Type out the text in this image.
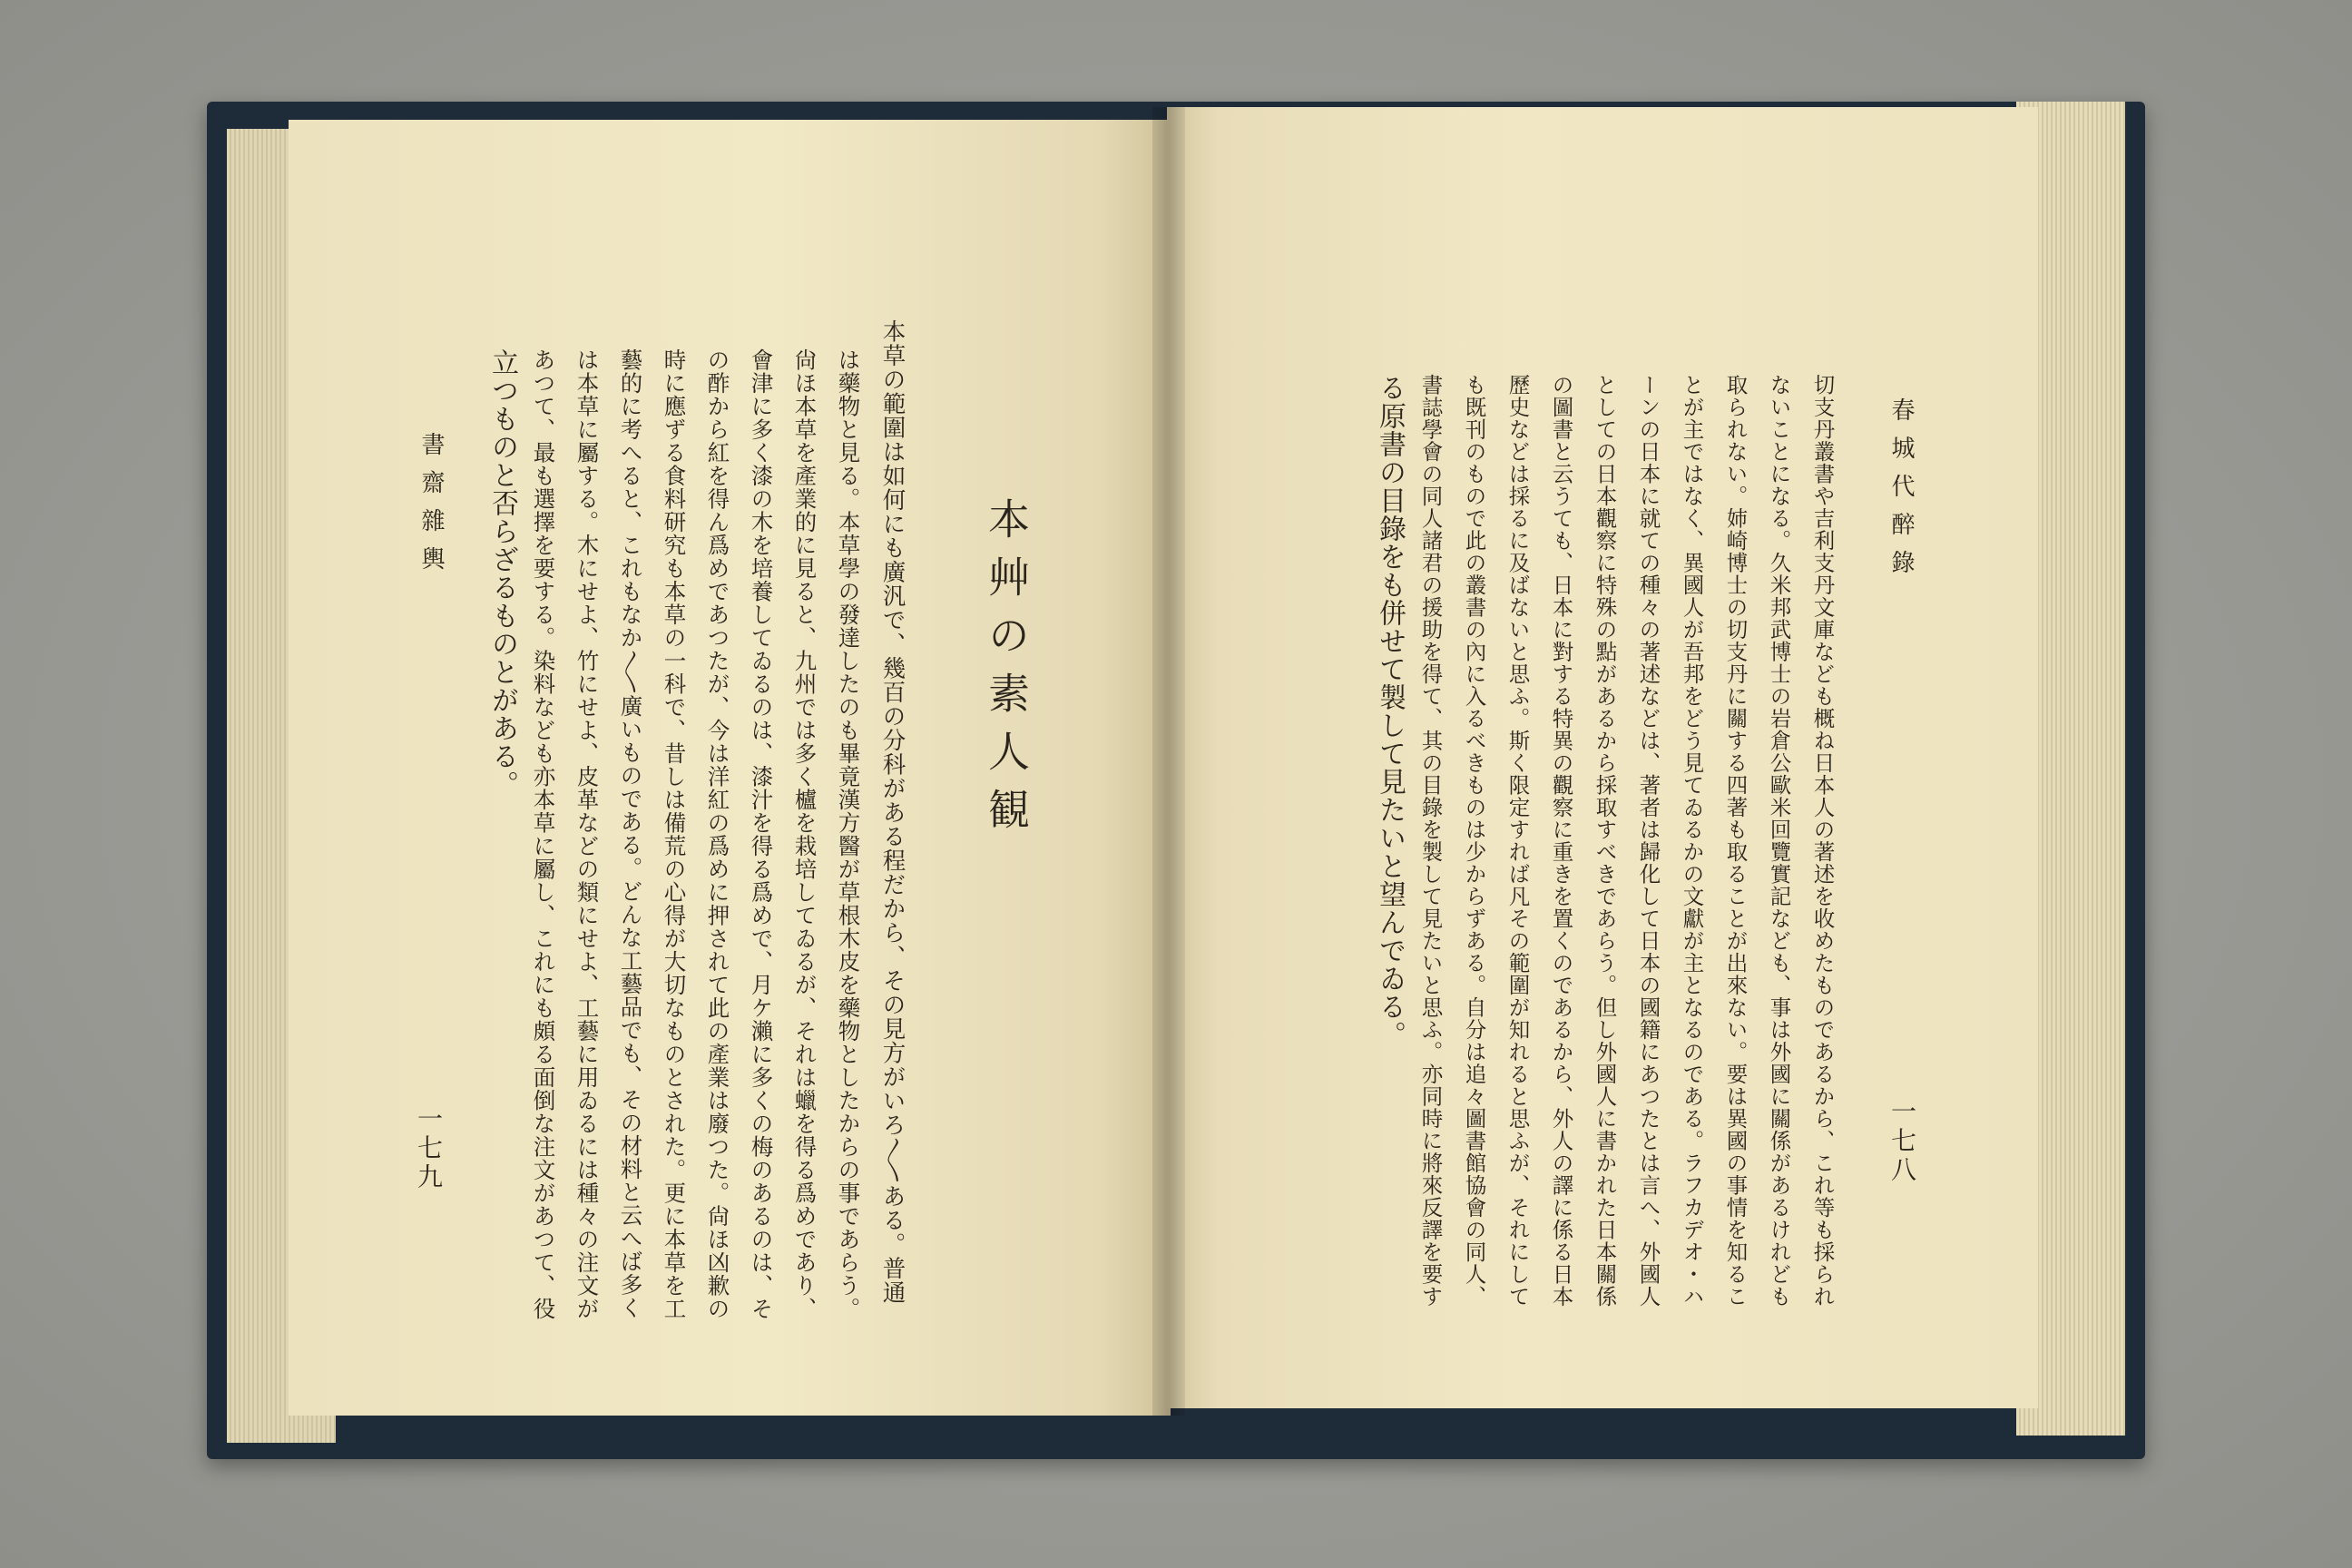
本艸の素人観
本草の範圍は如何にも廣汎で、幾百の分科がある程だから、その見方がいろ〳〵ある。普通
は藥物と見る。本草學の發達したのも畢竟漢方醫が草根木皮を藥物としたからの事であらう。
尙ほ本草を產業的に見ると、九州では多く櫨を栽培してゐるが、それは蠟を得る爲めであり、
會津に多く漆の木を培養してゐるのは、漆汁を得る爲めで、月ケ瀨に多くの梅のあるのは、そ
の酢から紅を得ん爲めであつたが、今は洋紅の爲めに押されて此の產業は廢つた。尙ほ凶歉の
時に應ずる食料研究も本草の一科で、昔しは備荒の心得が大切なものとされた。更に本草を工
藝的に考へると、これもなか〳〵廣いものである。どんな工藝品でも、その材料と云へば多く
は本草に屬する。木にせよ、竹にせよ、皮革などの類にせよ、工藝に用ゐるには種々の注文が
あつて、最も選擇を要する。染料なども亦本草に屬し、これにも頗る面倒な注文があつて、役
立つものと否らざるものとがある。
書齋雜輿
一七九
春城代醉錄
一七八
切支丹叢書や吉利支丹文庫なども概ね日本人の著述を收めたものであるから、これ等も採られ
ないことになる。久米邦武博士の岩倉公歐米回覽實記なども、事は外國に關係があるけれども
取られない。姉崎博士の切支丹に關する四著も取ることが出來ない。要は異國の事情を知るこ
とが主ではなく、異國人が吾邦をどう見てゐるかの文獻が主となるのである。ラフカデオ・ハ
ーンの日本に就ての種々の著述などは、著者は歸化して日本の國籍にあつたとは言へ、外國人
としての日本觀察に特殊の點があるから採取すべきであらう。但し外國人に書かれた日本關係
の圖書と云うても、日本に對する特異の觀察に重きを置くのであるから、外人の譯に係る日本
歷史などは採るに及ばないと思ふ。斯く限定すれば凡その範圍が知れると思ふが、それにして
も既刊のもので此の叢書の內に入るべきものは少からずある。自分は追々圖書館協會の同人、
書誌學會の同人諸君の援助を得て、其の目錄を製して見たいと思ふ。亦同時に將來反譯を要す
る原書の目錄をも併せて製して見たいと望んでゐる。
